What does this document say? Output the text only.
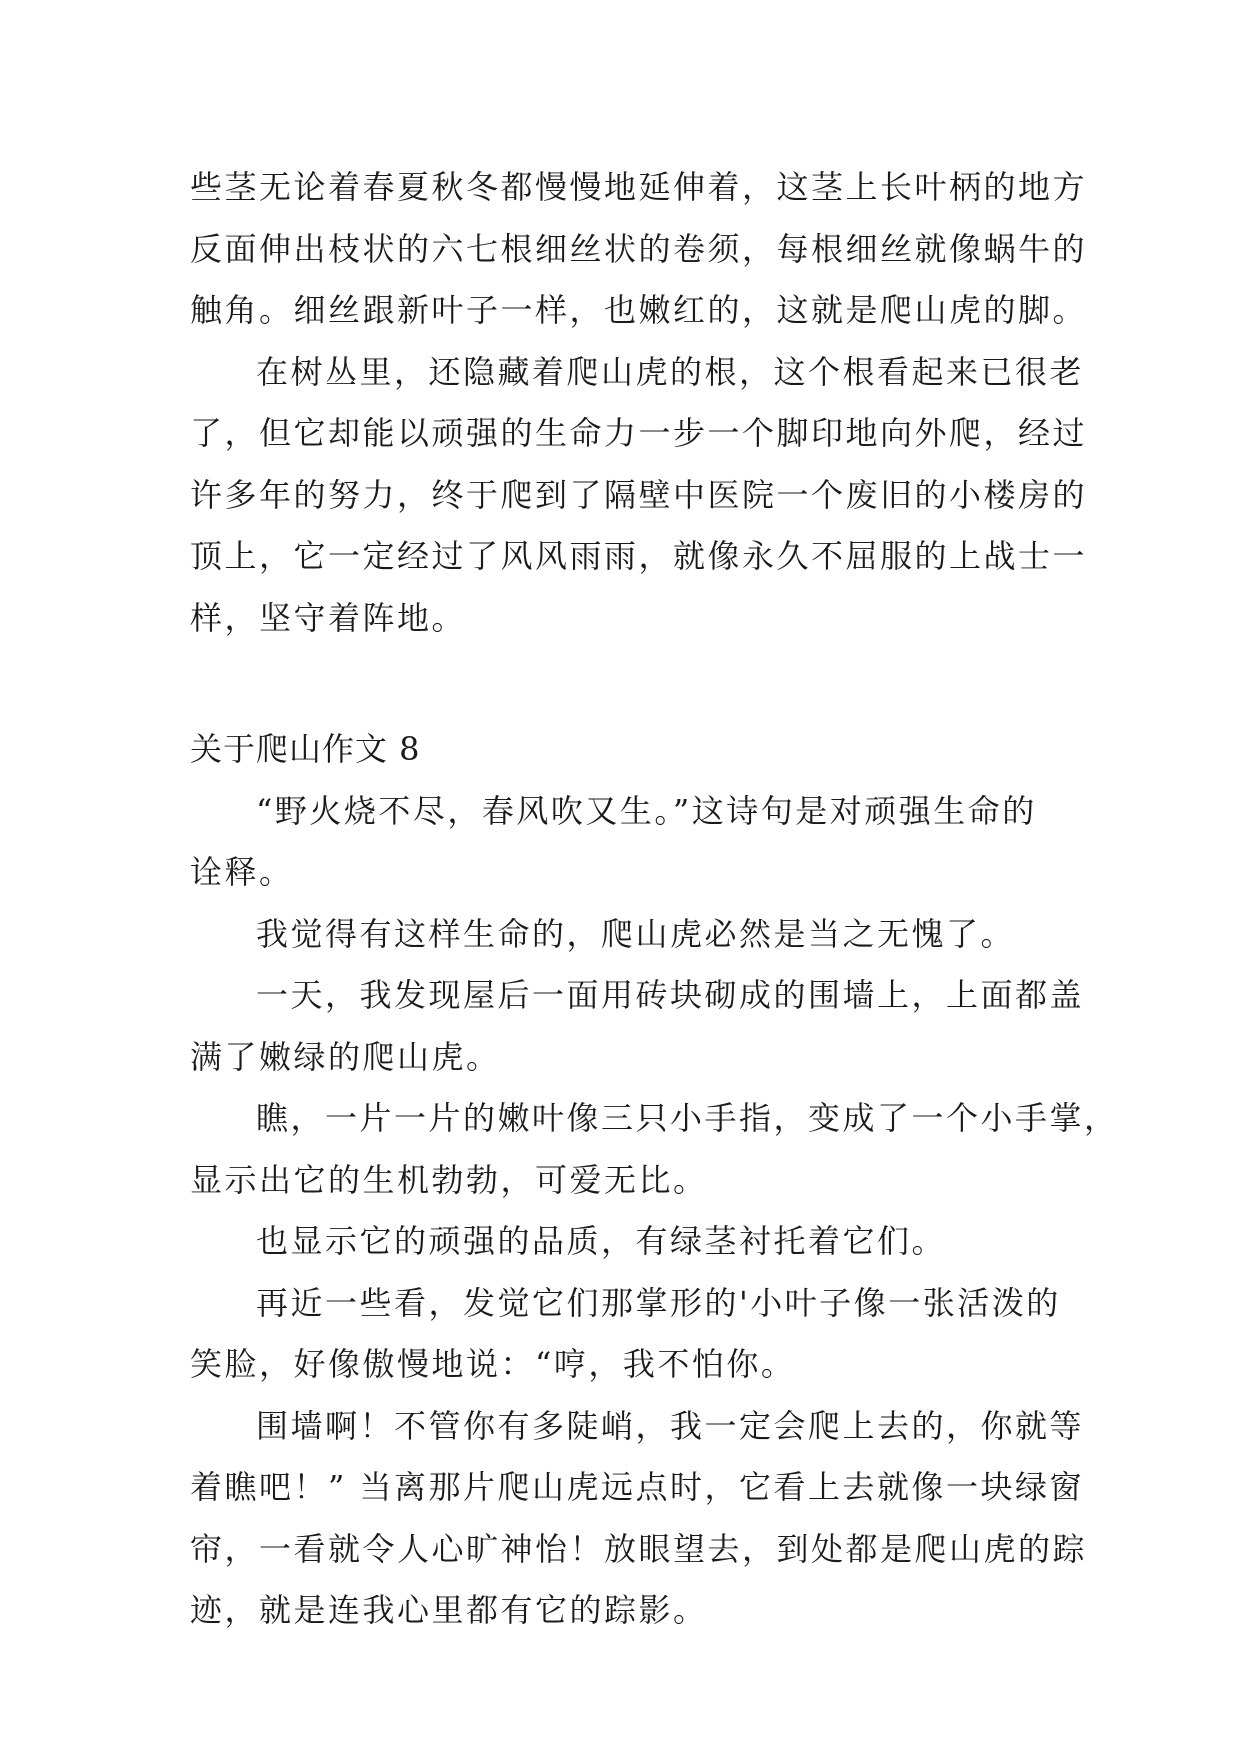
些茎无论着春夏秋冬都慢慢地延伸着，这茎上长叶柄的地方
反面伸出枝状的六七根细丝状的卷须，每根细丝就像蜗牛的
触角。细丝跟新叶子一样，也嫩红的，这就是爬山虎的脚。
在树丛里，还隐藏着爬山虎的根，这个根看起来已很老
了，但它却能以顽强的生命力一步一个脚印地向外爬，经过
许多年的努力，终于爬到了隔壁中医院一个废旧的小楼房的
顶上，它一定经过了风风雨雨，就像永久不屈服的上战士一
样，坚守着阵地。
关于爬山作文 8
“野火烧不尽，春风吹又生。”这诗句是对顽强生命的
诠释。
我觉得有这样生命的，爬山虎必然是当之无愧了。
一天，我发现屋后一面用砖块砌成的围墙上，上面都盖
满了嫩绿的爬山虎。
瞧，一片一片的嫩叶像三只小手指，变成了一个小手掌，
显示出它的生机勃勃，可爱无比。
也显示它的顽强的品质，有绿茎衬托着它们。
再近一些看，发觉它们那掌形的'小叶子像一张活泼的
笑脸，好像傲慢地说：“哼，我不怕你。
围墙啊！不管你有多陡峭，我一定会爬上去的，你就等
着瞧吧！” 当离那片爬山虎远点时，它看上去就像一块绿窗
帘，一看就令人心旷神怡！放眼望去，到处都是爬山虎的踪
迹，就是连我心里都有它的踪影。
